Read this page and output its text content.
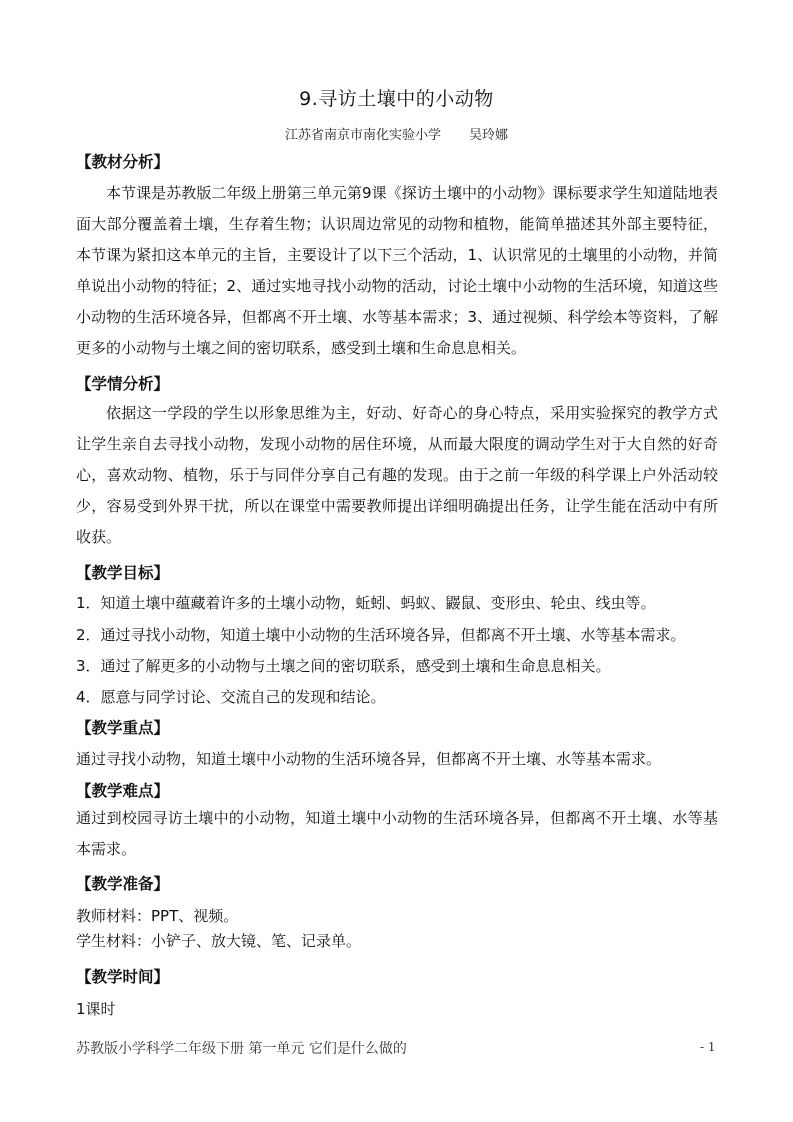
9.寻访土壤中的小动物
江苏省南京市南化实验小学 吴玲娜
【教材分析】
本节课是苏教版二年级上册第三单元第9课《探访土壤中的小动物》课标要求学生知道陆地表面大部分覆盖着土壤，生存着生物；认识周边常见的动物和植物，能简单描述其外部主要特征，本节课为紧扣这本单元的主旨，主要设计了以下三个活动，1、认识常见的土壤里的小动物，并简单说出小动物的特征；2、通过实地寻找小动物的活动，讨论土壤中小动物的生活环境，知道这些小动物的生活环境各异，但都离不开土壤、水等基本需求；3、通过视频、科学绘本等资料，了解更多的小动物与土壤之间的密切联系，感受到土壤和生命息息相关。
【学情分析】
依据这一学段的学生以形象思维为主，好动、好奇心的身心特点，采用实验探究的教学方式让学生亲自去寻找小动物，发现小动物的居住环境，从而最大限度的调动学生对于大自然的好奇心，喜欢动物、植物，乐于与同伴分享自己有趣的发现。由于之前一年级的科学课上户外活动较少，容易受到外界干扰，所以在课堂中需要教师提出详细明确提出任务，让学生能在活动中有所收获。
【教学目标】
1．知道土壤中蕴藏着许多的土壤小动物，蚯蚓、蚂蚁、鼹鼠、变形虫、轮虫、线虫等。
2．通过寻找小动物，知道土壤中小动物的生活环境各异，但都离不开土壤、水等基本需求。
3．通过了解更多的小动物与土壤之间的密切联系，感受到土壤和生命息息相关。
4．愿意与同学讨论、交流自己的发现和结论。
【教学重点】
通过寻找小动物，知道土壤中小动物的生活环境各异，但都离不开土壤、水等基本需求。
【教学难点】
通过到校园寻访土壤中的小动物，知道土壤中小动物的生活环境各异，但都离不开土壤、水等基本需求。
【教学准备】
教师材料：PPT、视频。
学生材料：小铲子、放大镜、笔、记录单。
【教学时间】
1课时
苏教版小学科学二年级下册 第一单元 它们是什么做的	- 1
